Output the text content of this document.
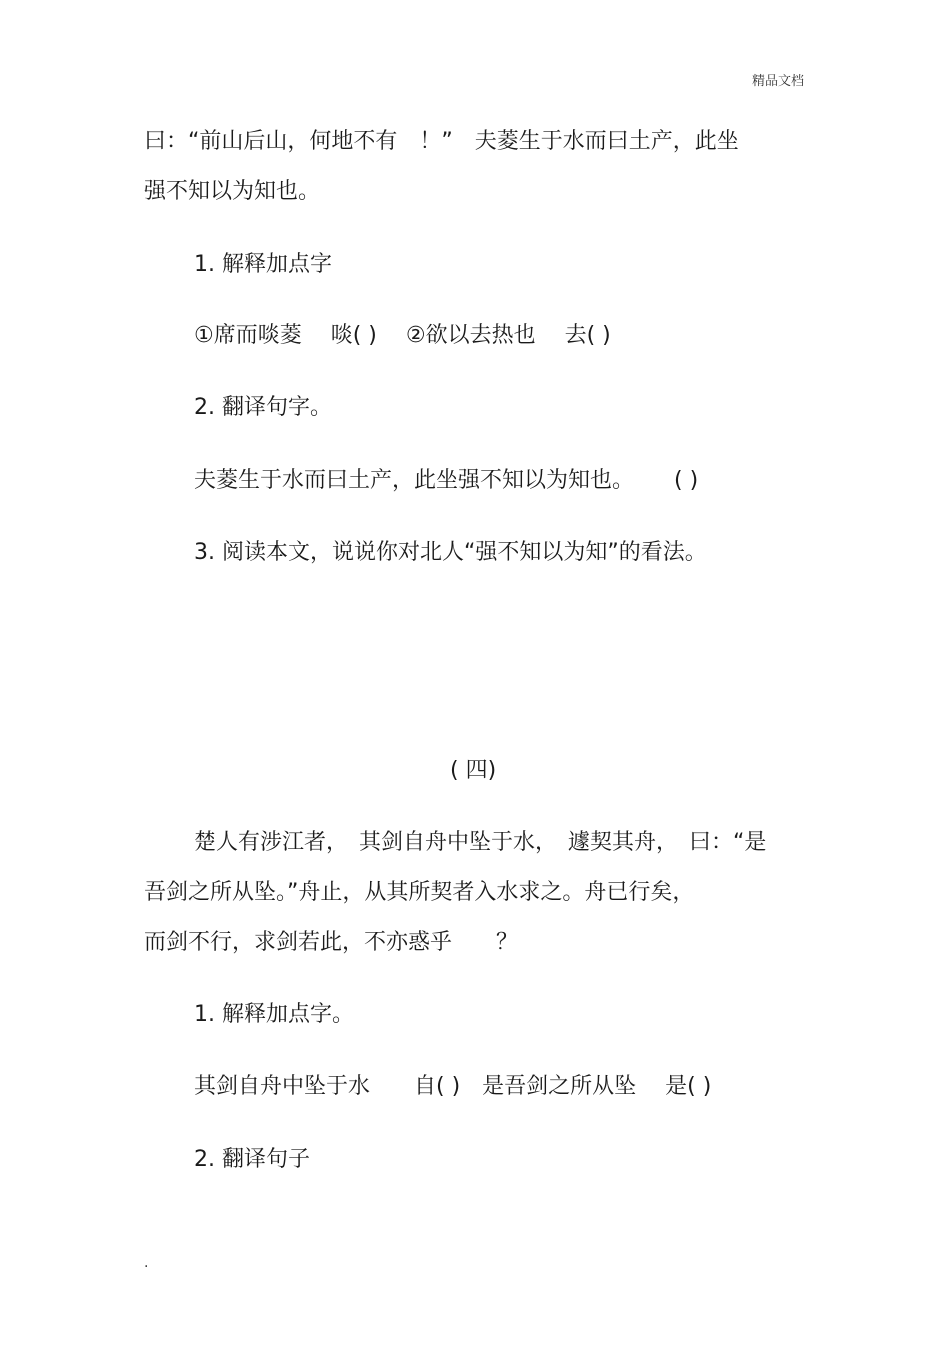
精品文档
曰：“前山后山，何地不有　！”　夫菱生于水而曰土产，此坐
强不知以为知也。
1. 解释加点字
①席而啖菱　 啖( )　 ②欲以去热也　 去( )
2. 翻译句字。
夫菱生于水而曰土产，此坐强不知以为知也。　　 ( )
3. 阅读本文，说说你对北人“强不知以为知”的看法。
( 四)
楚人有涉江者，　其剑自舟中坠于水，　遽契其舟，　曰：“是
吾剑之所从坠。”舟止，从其所契者入水求之。舟已行矣，
而剑不行，求剑若此，不亦惑乎　　？
1. 解释加点字。
其剑自舟中坠于水　　自( )　是吾剑之所从坠　 是( )
2. 翻译句子
.
